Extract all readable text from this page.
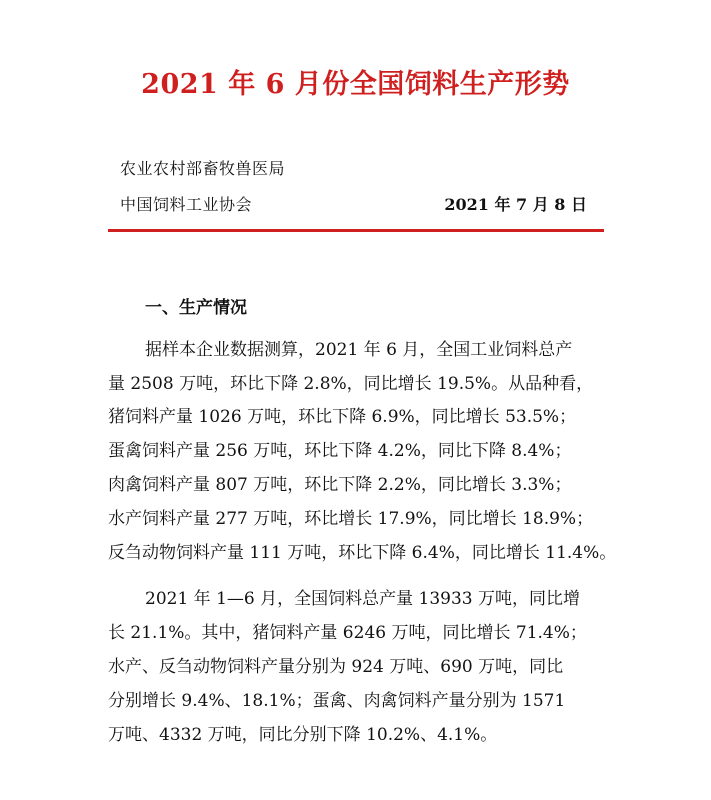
2021 年 6 月份全国饲料生产形势
农业农村部畜牧兽医局
中国饲料工业协会	2021 年 7 月 8 日
一、生产情况
据样本企业数据测算，2021 年 6 月，全国工业饲料总产
量 2508 万吨，环比下降 2.8%，同比增长 19.5%。从品种看，
猪饲料产量 1026 万吨，环比下降 6.9%，同比增长 53.5%；
蛋禽饲料产量 256 万吨，环比下降 4.2%，同比下降 8.4%；
肉禽饲料产量 807 万吨，环比下降 2.2%，同比增长 3.3%；
水产饲料产量 277 万吨，环比增长 17.9%，同比增长 18.9%；
反刍动物饲料产量 111 万吨，环比下降 6.4%，同比增长 11.4%。
2021 年 1—6 月，全国饲料总产量 13933 万吨，同比增
长 21.1%。其中，猪饲料产量 6246 万吨，同比增长 71.4%；
水产、反刍动物饲料产量分别为 924 万吨、690 万吨，同比
分别增长 9.4%、18.1%；蛋禽、肉禽饲料产量分别为 1571
万吨、4332 万吨，同比分别下降 10.2%、4.1%。
